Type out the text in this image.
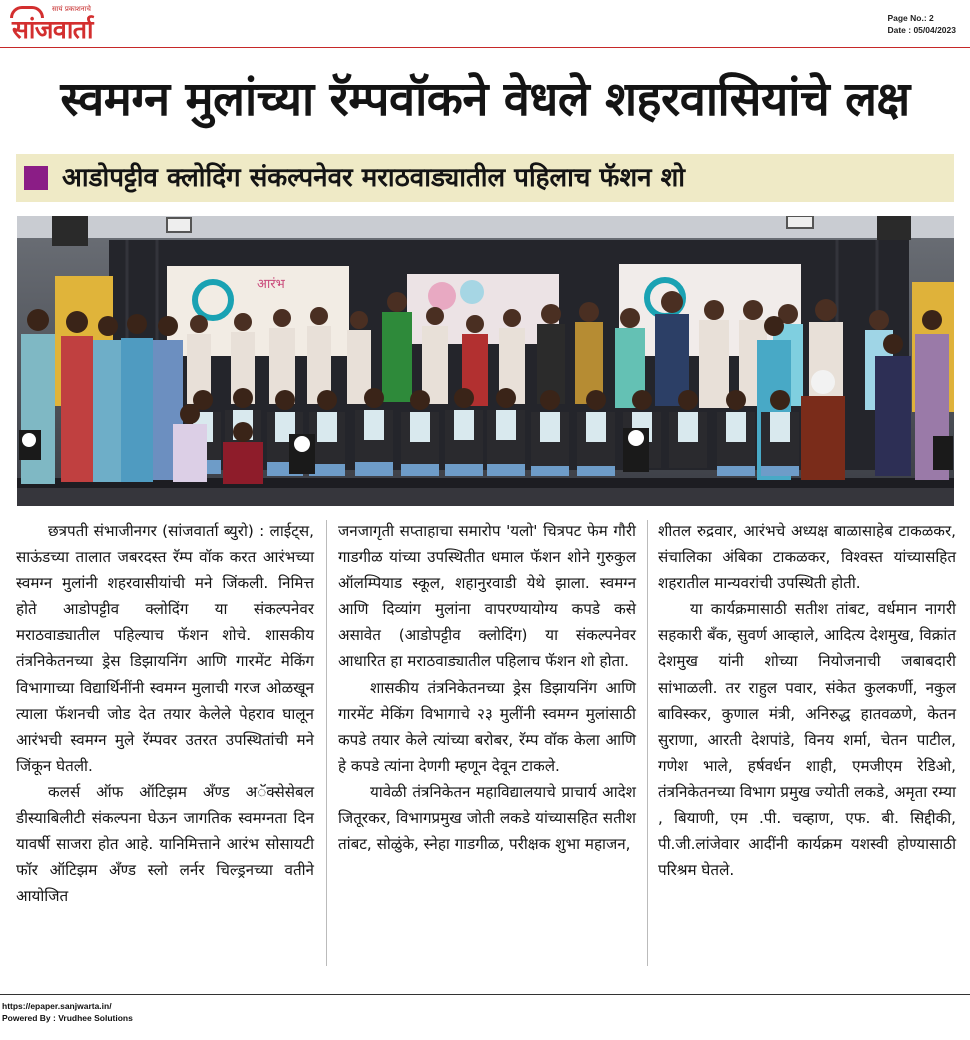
सायं प्रकाशनाचे
सांजवार्ता	Page No.: 2
Date : 05/04/2023
स्वमग्न मुलांच्या रॅम्पवॉकने वेधले शहरवासियांचे लक्ष
आडोपट्टीव क्लोदिंग संकल्पनेवर मराठवाड्यातील पहिलाच फॅशन शो
आरंभ

छत्रपती संभाजीनगर (सांजवार्ता ब्युरो) : लाईट्स, साऊंडच्या तालात जबरदस्त रॅम्प वॉक करत आरंभच्या स्वमग्न मुलांनी शहरवासीयांची मने जिंकली. निमित्त होते आडोपट्टीव क्लोदिंग या संकल्पनेवर मराठवाड्यातील पहिल्याच फॅशन शोचे. शासकीय तंत्रनिकेतनच्या ड्रेस डिझायनिंग आणि गारमेंट मेकिंग विभागाच्या विद्यार्थिनींनी स्वमग्न मुलाची गरज ओळखून त्याला फॅशनची जोड देत तयार केलेले पेहराव घालून आरंभची स्वमग्न मुले रॅम्पवर उतरत उपस्थितांची मने जिंकून घेतली.

कलर्स ऑफ ऑटिझम अँण्ड अॅक्सेसेबल डीस्याबिलीटी संकल्पना घेऊन जागतिक स्वमग्नता दिन यावर्षी साजरा होत आहे. यानिमित्ताने आरंभ सोसायटी फॉर ऑटिझम अँण्ड स्लो लर्नर चिल्ड्रनच्या वतीने आयोजित

जनजागृती सप्ताहाचा समारोप 'यलो' चित्रपट फेम गौरी गाडगीळ यांच्या उपस्थितीत धमाल फॅशन शोने गुरुकुल ऑलम्पियाड स्कूल, शहानुरवाडी येथे झाला. स्वमग्न आणि दिव्यांग मुलांना वापरण्यायोग्य कपडे कसे असावेत (आडोपट्टीव क्लोदिंग) या संकल्पनेवर आधारित हा मराठवाड्यातील पहिलाच फॅशन शो होता.

शासकीय तंत्रनिकेतनच्या ड्रेस डिझायनिंग आणि गारमेंट मेकिंग विभागाचे २३ मुलींनी स्वमग्न मुलांसाठी कपडे तयार केले त्यांच्या बरोबर, रॅम्प वॉक केला आणि हे कपडे त्यांना देणगी म्हणून देवून टाकले.

यावेळी तंत्रनिकेतन महाविद्यालयाचे प्राचार्य आदेश जितूरकर, विभागप्रमुख जोती लकडे यांच्यासहित सतीश तांबट, सोळुंके, स्नेहा गाडगीळ, परीक्षक शुभा महाजन,

शीतल रुद्रवार, आरंभचे अध्यक्ष बाळासाहेब टाकळकर, संचालिका अंबिका टाकळकर, विश्वस्त यांच्यासहित शहरातील मान्यवरांची उपस्थिती होती.

या कार्यक्रमासाठी सतीश तांबट, वर्धमान नागरी सहकारी बँक, सुवर्ण आव्हाले, आदित्य देशमुख, विक्रांत देशमुख यांनी शोच्या नियोजनाची जबाबदारी सांभाळली. तर राहुल पवार, संकेत कुलकर्णी, नकुल बाविस्कर, कुणाल मंत्री, अनिरुद्ध हातवळणे, केतन सुराणा, आरती देशपांडे, विनय शर्मा, चेतन पाटील, गणेश भाले, हर्षवर्धन शाही, एमजीएम रेडिओ, तंत्रनिकेतनच्या विभाग प्रमुख ज्योती लकडे, अमृता रम्या , बियाणी, एम .पी. चव्हाण, एफ. बी. सिद्दीकी, पी.जी.लांजेवार आदींनी कार्यक्रम यशस्वी होण्यासाठी परिश्रम घेतले.

https://epaper.sanjwarta.in/
Powered By : Vrudhee Solutions
